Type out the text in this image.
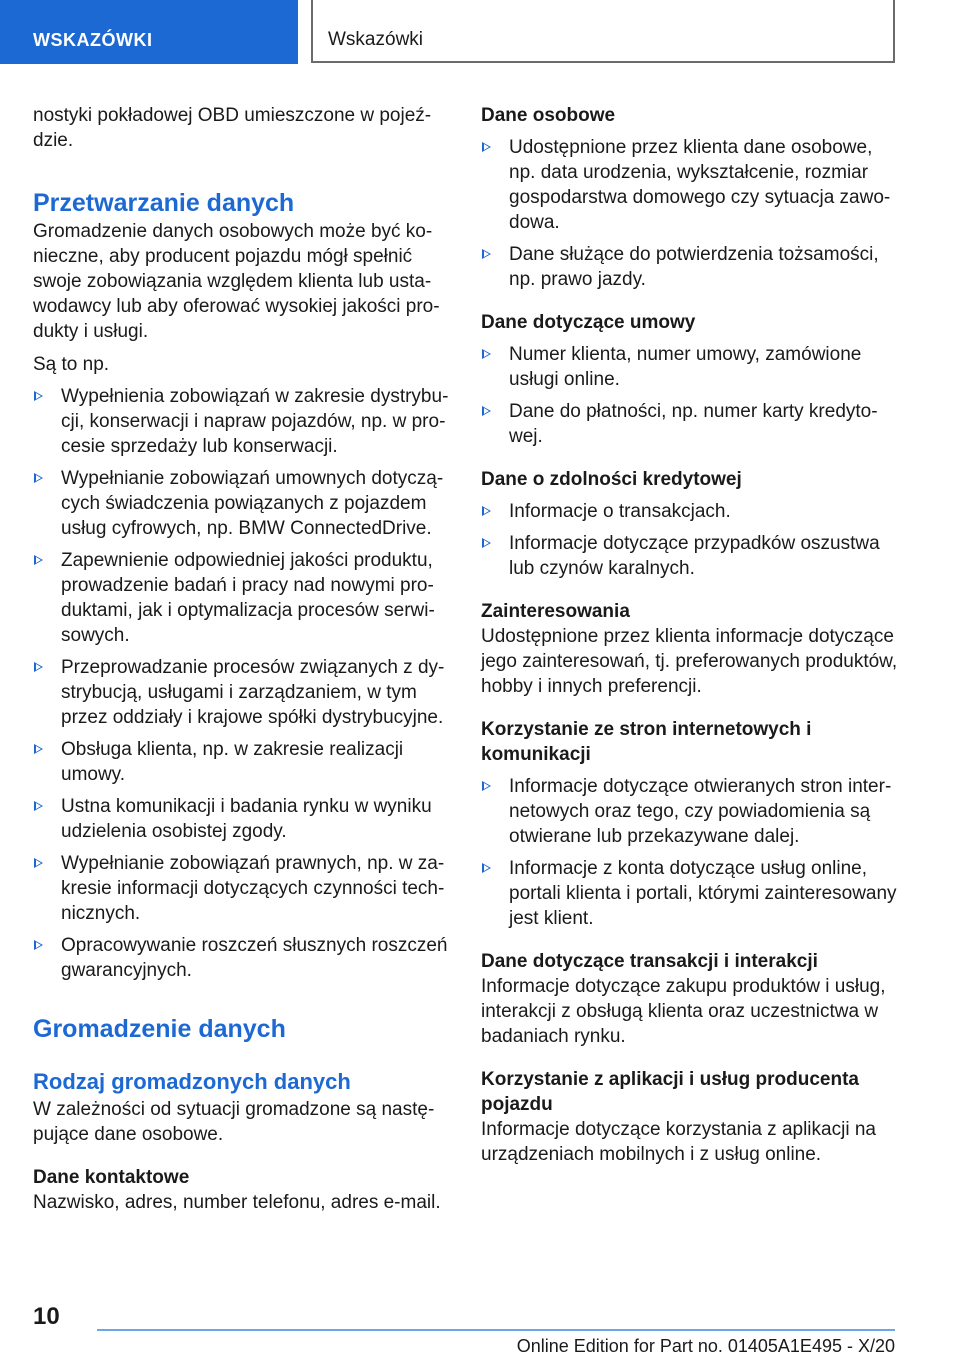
WSKAZÓWKI	Wskazówki

nostyki pokładowej OBD umieszczone w pojeździe.

Przetwarzanie danych

Gromadzenie danych osobowych może być konieczne, aby producent pojazdu mógł spełnić swoje zobowiązania względem klienta lub ustawodawcy lub aby oferować wysokiej jakości produkty i usługi.

Są to np.

Wypełnienia zobowiązań w zakresie dystrybucji, konserwacji i napraw pojazdów, np. w procesie sprzedaży lub konserwacji.
Wypełnianie zobowiązań umownych dotyczących świadczenia powiązanych z pojazdem usług cyfrowych, np. BMW ConnectedDrive.
Zapewnienie odpowiedniej jakości produktu, prowadzenie badań i pracy nad nowymi produktami, jak i optymalizacja procesów serwisowych.
Przeprowadzanie procesów związanych z dystrybucją, usługami i zarządzaniem, w tym przez oddziały i krajowe spółki dystrybucyjne.
Obsługa klienta, np. w zakresie realizacji umowy.
Ustna komunikacji i badania rynku w wyniku udzielenia osobistej zgody.
Wypełnianie zobowiązań prawnych, np. w zakresie informacji dotyczących czynności technicznych.
Opracowywanie roszczeń słusznych roszczeń gwarancyjnych.
Gromadzenie danych
Rodzaj gromadzonych danych

W zależności od sytuacji gromadzone są następujące dane osobowe.

Dane kontaktowe

Nazwisko, adres, number telefonu, adres e-mail.

Dane osobowe

Udostępnione przez klienta dane osobowe, np. data urodzenia, wykształcenie, rozmiar gospodarstwa domowego czy sytuacja zawodowa.
Dane służące do potwierdzenia tożsamości, np. prawo jazdy.

Dane dotyczące umowy

Numer klienta, numer umowy, zamówione usługi online.
Dane do płatności, np. numer karty kredytowej.

Dane o zdolności kredytowej

Informacje o transakcjach.
Informacje dotyczące przypadków oszustwa lub czynów karalnych.

Zainteresowania

Udostępnione przez klienta informacje dotyczące jego zainteresowań, tj. preferowanych produktów, hobby i innych preferencji.

Korzystanie ze stron internetowych i komunikacji

Informacje dotyczące otwieranych stron internetowych oraz tego, czy powiadomienia są otwierane lub przekazywane dalej.
Informacje z konta dotyczące usług online, portali klienta i portali, którymi zainteresowany jest klient.

Dane dotyczące transakcji i interakcji

Informacje dotyczące zakupu produktów i usług, interakcji z obsługą klienta oraz uczestnictwa w badaniach rynku.

Korzystanie z aplikacji i usług producenta pojazdu

Informacje dotyczące korzystania z aplikacji na urządzeniach mobilnych i z usług online.

10
Online Edition for Part no. 01405A1E495 - X/20
